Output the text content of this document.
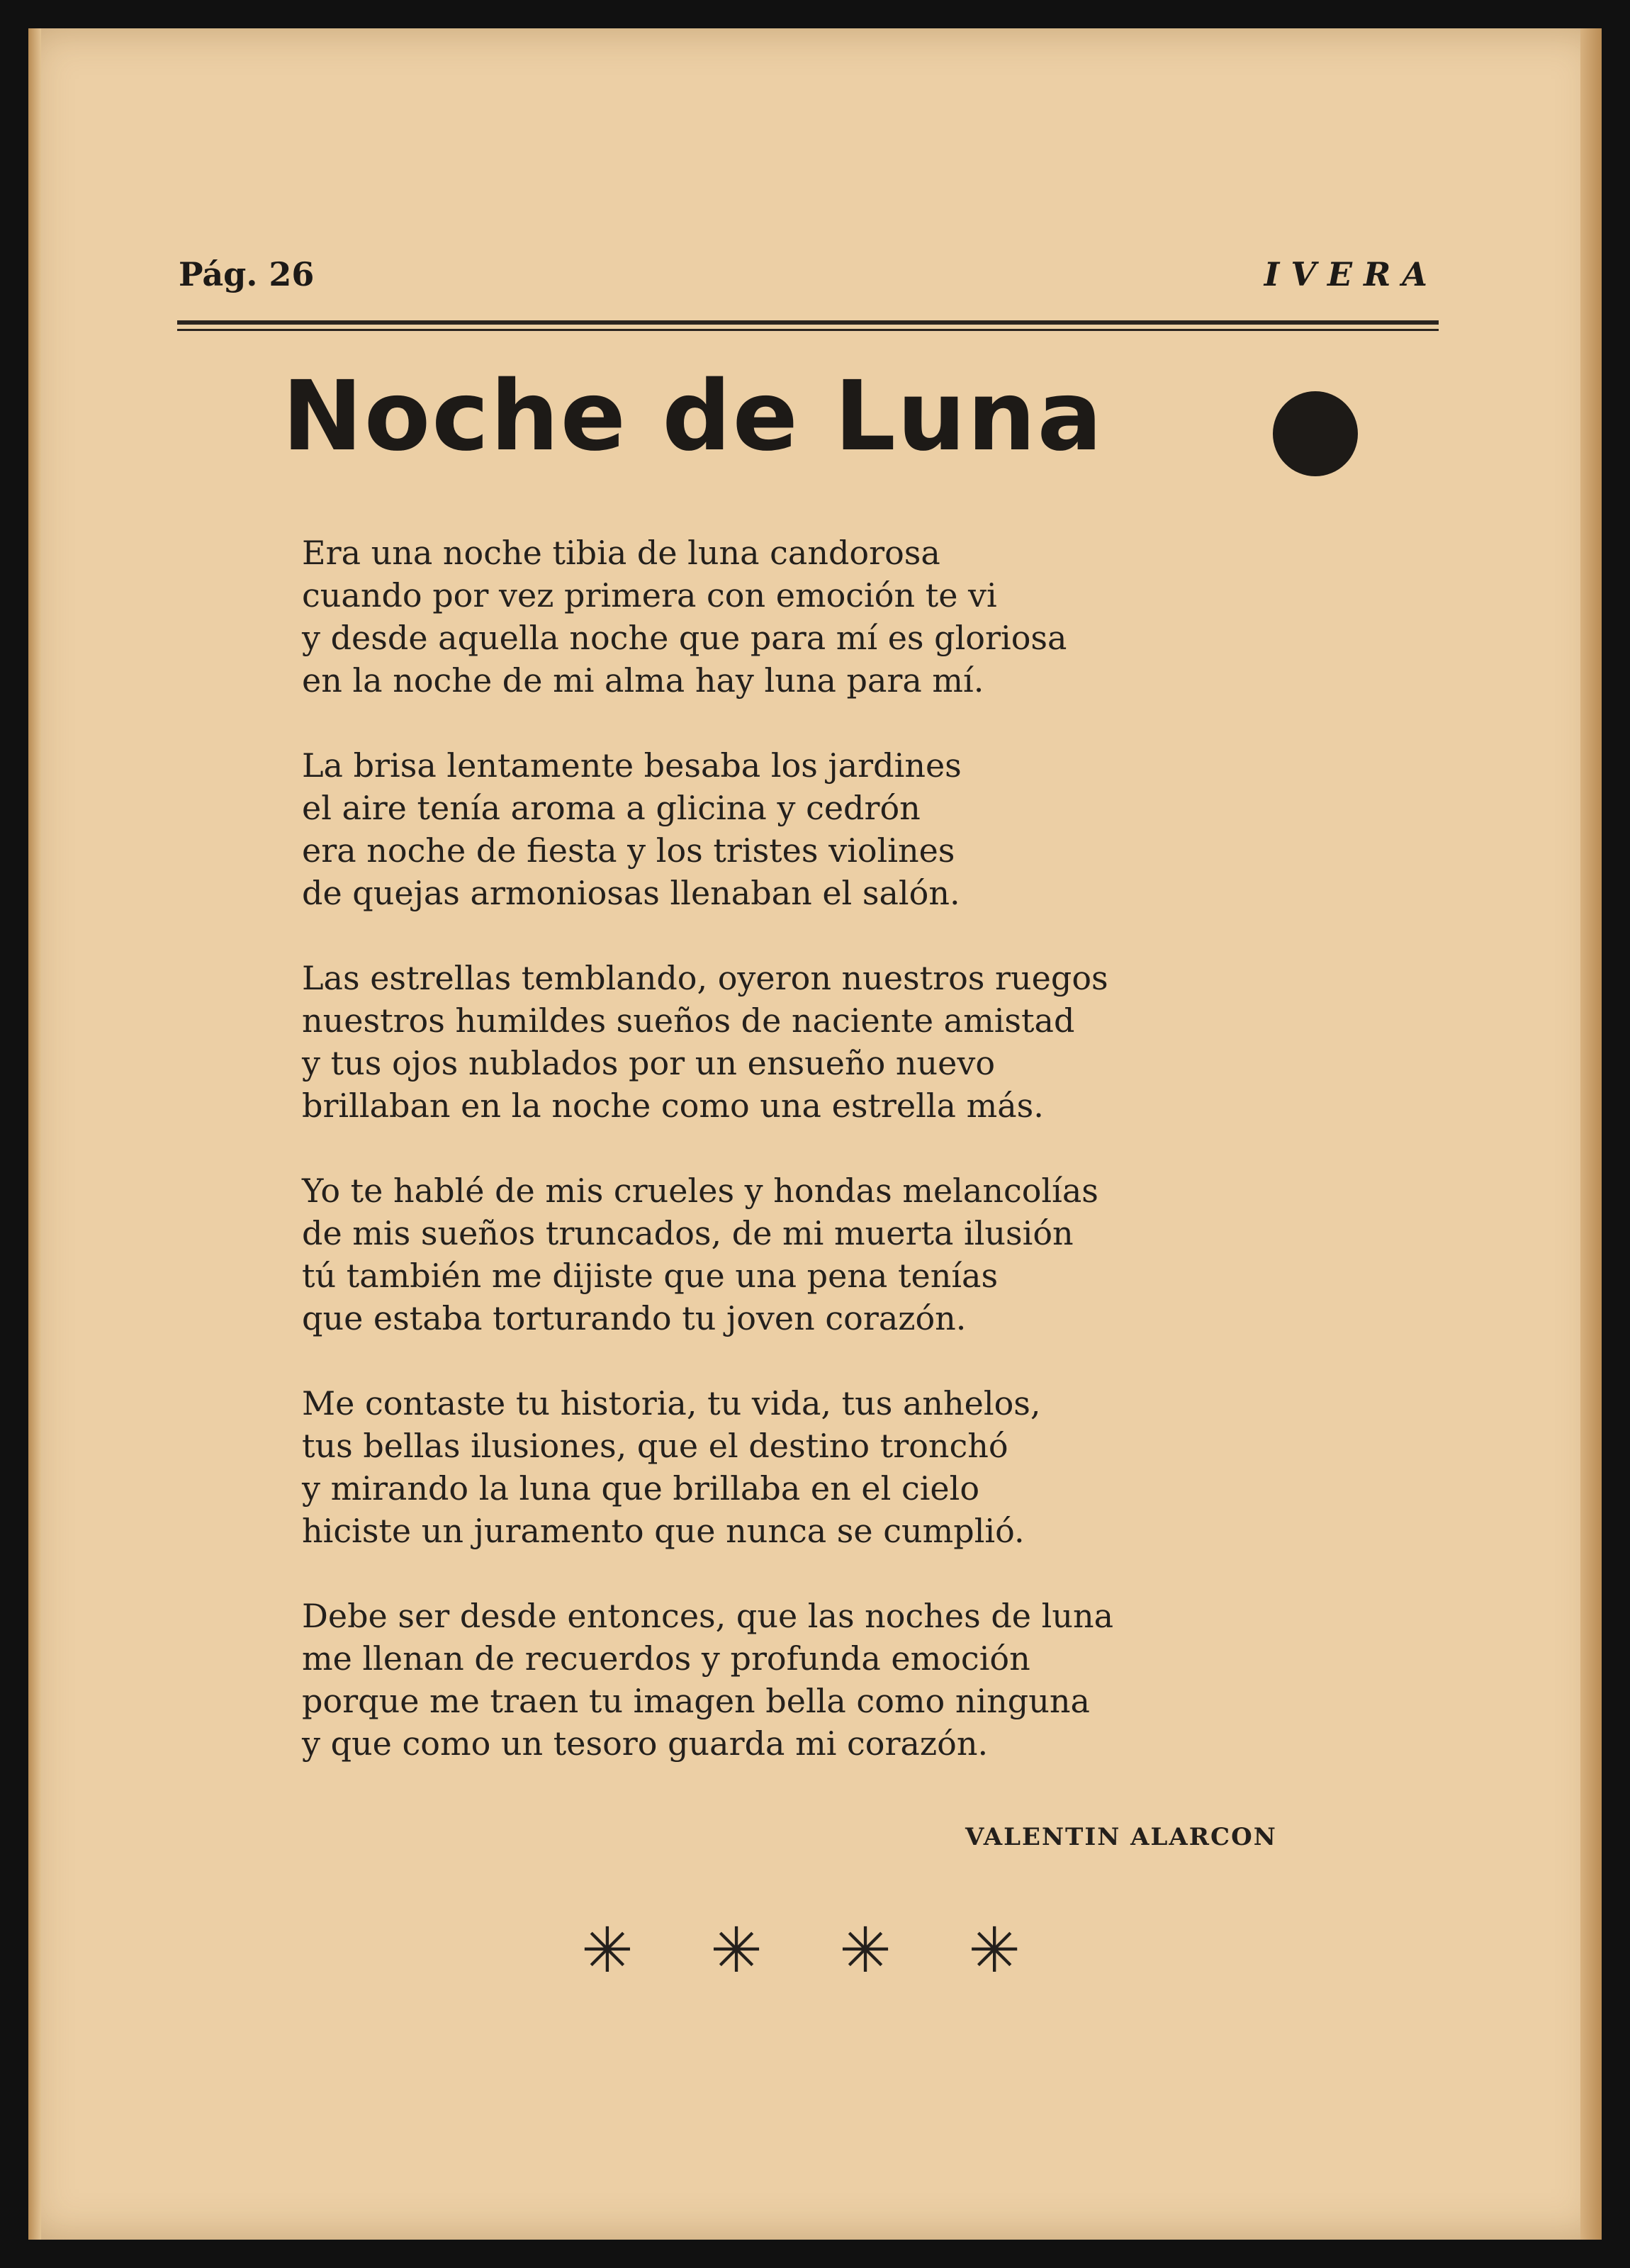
Pág. 26	IVERA
Noche de Luna
Era una noche tibia de luna candorosa
cuando por vez primera con emoción te vi
y desde aquella noche que para mí es gloriosa
en la noche de mi alma hay luna para mí.
La brisa lentamente besaba los jardines
el aire tenía aroma a glicina y cedrón
era noche de fiesta y los tristes violines
de quejas armoniosas llenaban el salón.
Las estrellas temblando, oyeron nuestros ruegos
nuestros humildes sueños de naciente amistad
y tus ojos nublados por un ensueño nuevo
brillaban en la noche como una estrella más.
Yo te hablé de mis crueles y hondas melancolías
de mis sueños truncados, de mi muerta ilusión
tú también me dijiste que una pena tenías
que estaba torturando tu joven corazón.
Me contaste tu historia, tu vida, tus anhelos,
tus bellas ilusiones, que el destino tronchó
y mirando la luna que brillaba en el cielo
hiciste un juramento que nunca se cumplió.
Debe ser desde entonces, que las noches de luna
me llenan de recuerdos y profunda emoción
porque me traen tu imagen bella como ninguna
y que como un tesoro guarda mi corazón.
VALENTIN ALARCON
✳ ✳ ✳ ✳
